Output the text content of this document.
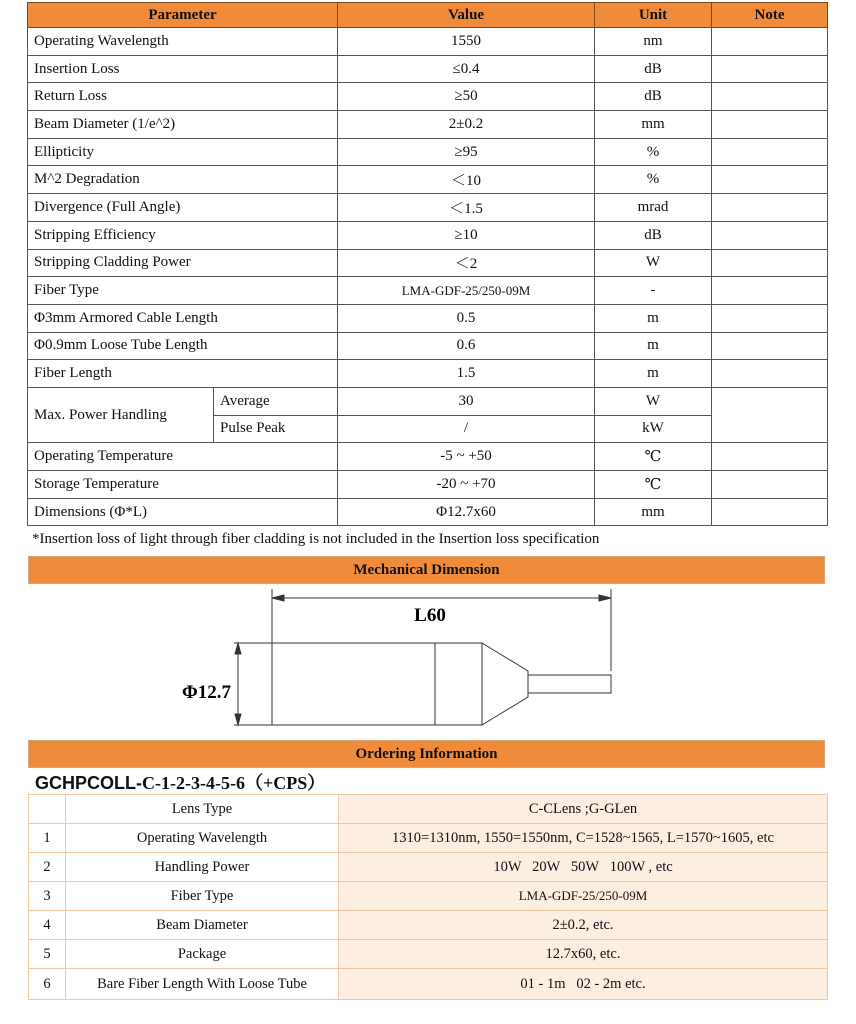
Parameter		Value	Unit	Note
Operating Wavelength		1550	nm	
Insertion Loss		≤0.4	dB	
Return Loss		≥50	dB	
Beam Diameter (1/e^2)		2±0.2	mm	
Ellipticity		≥95	%	
M^2 Degradation		＜10	%	
Divergence (Full Angle)		＜1.5	mrad	
Stripping Efficiency		≥10	dB	
Stripping Cladding Power		＜2	W	
Fiber Type		LMA-GDF-25/250-09M	-	
Φ3mm Armored Cable Length		0.5	m	
Φ0.9mm Loose Tube Length		0.6	m	
Fiber Length		1.5	m	
Max. Power Handling	Average	30	W	
	Pulse Peak	/	kW	
Operating Temperature		-5 ~ +50	℃	
Storage Temperature		-20 ~ +70	℃	
Dimensions (Φ*L)		Φ12.7x60	mm	
*Insertion loss of light through fiber cladding is not included in the Insertion loss specification
Mechanical Dimension
L60
Φ12.7
Ordering Information
GCHPCOLL-C-1-2-3-4-5-6（+CPS）
	Lens Type	C-CLens ;G-GLen
1	Operating Wavelength	1310=1310nm, 1550=1550nm, C=1528~1565, L=1570~1605, etc
2	Handling Power	10W   20W   50W   100W , etc
3	Fiber Type	LMA-GDF-25/250-09M
4	Beam Diameter	2±0.2, etc.
5	Package	12.7x60, etc.
6	Bare Fiber Length With Loose Tube	01 - 1m   02 - 2m etc.
